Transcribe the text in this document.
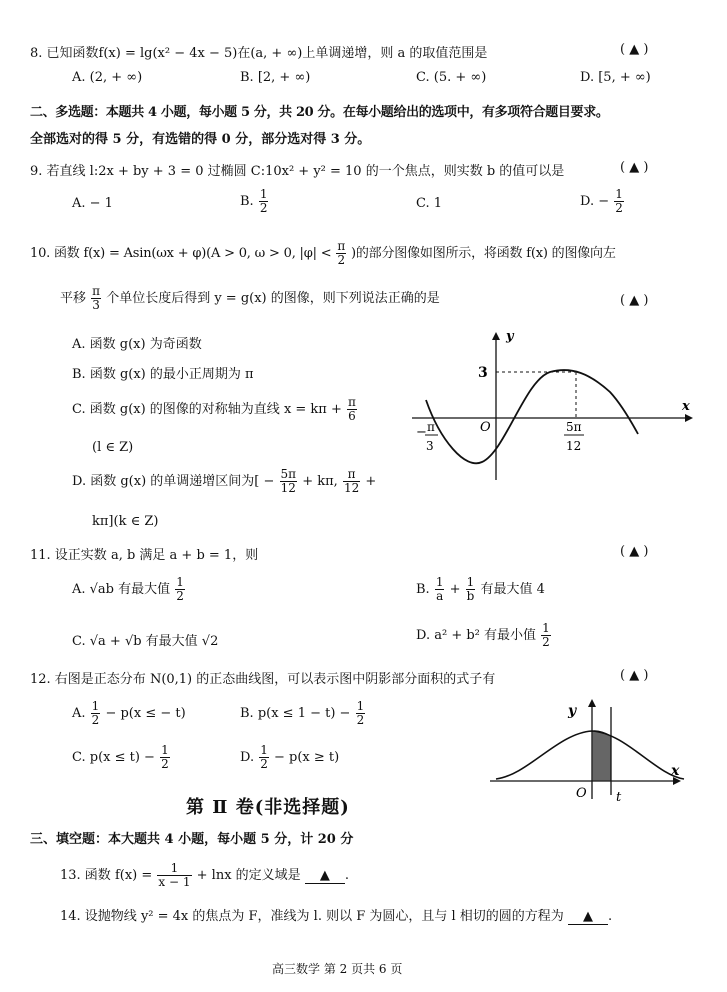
8. 已知函数f(x) = lg(x² − 4x − 5)在(a, + ∞)上单调递增，则 a 的取值范围是	( ▲ )
A. (2, + ∞)	B. [2, + ∞)	C. (5. + ∞)	D. [5, + ∞)
二、多选题：本题共 4 小题，每小题 5 分，共 20 分。在每小题给出的选项中，有多项符合题目要求。
全部选对的得 5 分，有选错的得 0 分，部分选对得 3 分。
9. 若直线 l:2x + by + 3 = 0 过椭圆 C:10x² + y² = 10 的一个焦点，则实数 b 的值可以是	( ▲ )
A. − 1	B. $\frac{1}{2}$	C. 1	D. − $\frac{1}{2}$
10. 函数 f(x) = Asin(ωx + φ)(A > 0, ω > 0, $|\varphi| < \frac{\pi}{2}$ )的部分图像如图所示，将函数 f(x) 的图像向左
平移 $\frac{\pi}{3}$ 个单位长度后得到 y = g(x) 的图像，则下列说法正确的是	( ▲ )
A. 函数 g(x) 为奇函数
B. 函数 g(x) 的最小正周期为 π
C. 函数 g(x) 的图像的对称轴为直线 $x = k\pi + \frac{\pi}{6}$
(l ∈ Z)
D. 函数 g(x) 的单调递增区间为[ − $\frac{5\pi}{12} + k\pi$, $\frac{\pi}{12}$ +
kπ](k ∈ Z)
y
x
O
3
− π
3
5π
12
11. 设正实数 a, b 满足 a + b = 1，则	( ▲ )
A. √ab 有最大值 $\frac{1}{2}$	B. $\frac{1}{a} + \frac{1}{b}$ 有最大值 4
C. √a + √b 有最大值 √2	D. a² + b² 有最小值 $\frac{1}{2}$
12. 右图是正态分布 N(0,1) 的正态曲线图，可以表示图中阴影部分面积的式子有	( ▲ )
A. $\frac{1}{2} - p(x$ ≤ − t)	B. $p(x \le 1 - t) - \frac{1}{2}$
C. $p(x \le t) - \frac{1}{2}$	D. $\frac{1}{2} - p(x \ge t)$
y
x
O t
第 Ⅱ 卷(非选择题)
三、填空题：本大题共 4 小题，每小题 5 分，计 20 分
13. 函数 $f(x) = \frac{1}{x - 1} + \ln x$ 的定义域是 ▲ .
14. 设抛物线 y² = 4x 的焦点为 F，准线为 l. 则以 F 为圆心，且与 l 相切的圆的方程为 ▲ .
高三数学 第 2 页共 6 页
